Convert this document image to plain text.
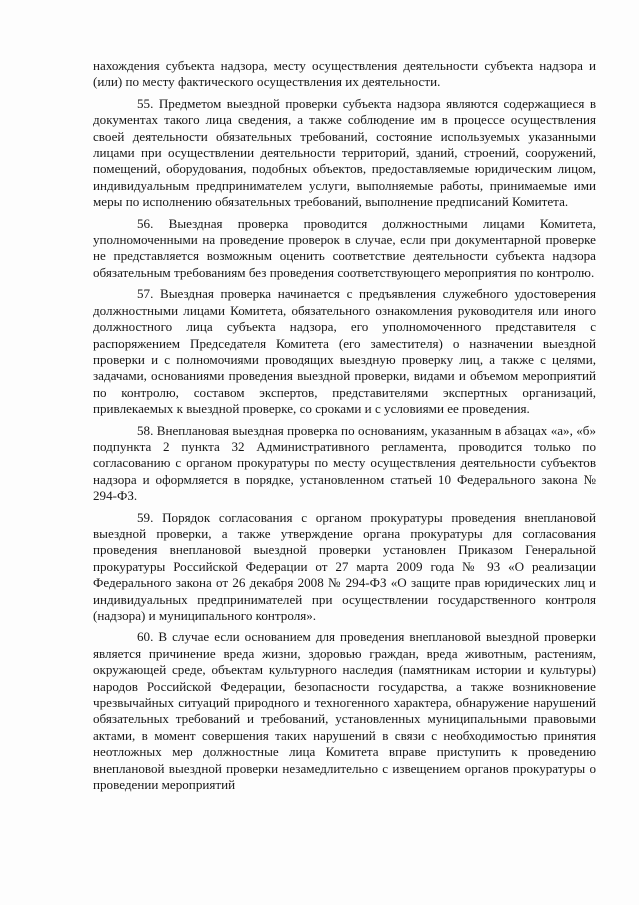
нахождения субъекта надзора, месту осуществления деятельности субъекта надзора и (или) по месту фактического осуществления их деятельности.

55. Предметом выездной проверки субъекта надзора являются содержащиеся в документах такого лица сведения, а также соблюдение им в процессе осуществления своей деятельности обязательных требований, состояние используемых указанными лицами при осуществлении деятельности территорий, зданий, строений, сооружений, помещений, оборудования, подобных объектов, предоставляемые юридическим лицом, индивидуальным предпринимателем услуги, выполняемые работы, принимаемые ими меры по исполнению обязательных требований, выполнение предписаний Комитета.

56. Выездная проверка проводится должностными лицами Комитета, уполномоченными на проведение проверок в случае, если при документарной проверке не представляется возможным оценить соответствие деятельности субъекта надзора обязательным требованиям без проведения соответствующего мероприятия по контролю.

57. Выездная проверка начинается с предъявления служебного удостоверения должностными лицами Комитета, обязательного ознакомления руководителя или иного должностного лица субъекта надзора, его уполномоченного представителя с распоряжением Председателя Комитета (его заместителя) о назначении выездной проверки и с полномочиями проводящих выездную проверку лиц, а также с целями, задачами, основаниями проведения выездной проверки, видами и объемом мероприятий по контролю, составом экспертов, представителями экспертных организаций, привлекаемых к выездной проверке, со сроками и с условиями ее проведения.

58. Внеплановая выездная проверка по основаниям, указанным в абзацах «а», «б» подпункта 2 пункта 32 Административного регламента, проводится только по согласованию с органом прокуратуры по месту осуществления деятельности субъектов надзора и оформляется в порядке, установленном статьей 10 Федерального закона № 294-ФЗ.

59. Порядок согласования с органом прокуратуры проведения внеплановой выездной проверки, а также утверждение органа прокуратуры для согласования проведения внеплановой выездной проверки установлен Приказом Генеральной прокуратуры Российской Федерации от 27 марта 2009 года № 93 «О реализации Федерального закона от 26 декабря 2008 № 294-ФЗ «О защите прав юридических лиц и индивидуальных предпринимателей при осуществлении государственного контроля (надзора) и муниципального контроля».

60. В случае если основанием для проведения внеплановой выездной проверки является причинение вреда жизни, здоровью граждан, вреда животным, растениям, окружающей среде, объектам культурного наследия (памятникам истории и культуры) народов Российской Федерации, безопасности государства, а также возникновение чрезвычайных ситуаций природного и техногенного характера, обнаружение нарушений обязательных требований и требований, установленных муниципальными правовыми актами, в момент совершения таких нарушений в связи с необходимостью принятия неотложных мер должностные лица Комитета вправе приступить к проведению внеплановой выездной проверки незамедлительно с извещением органов прокуратуры о проведении мероприятий
